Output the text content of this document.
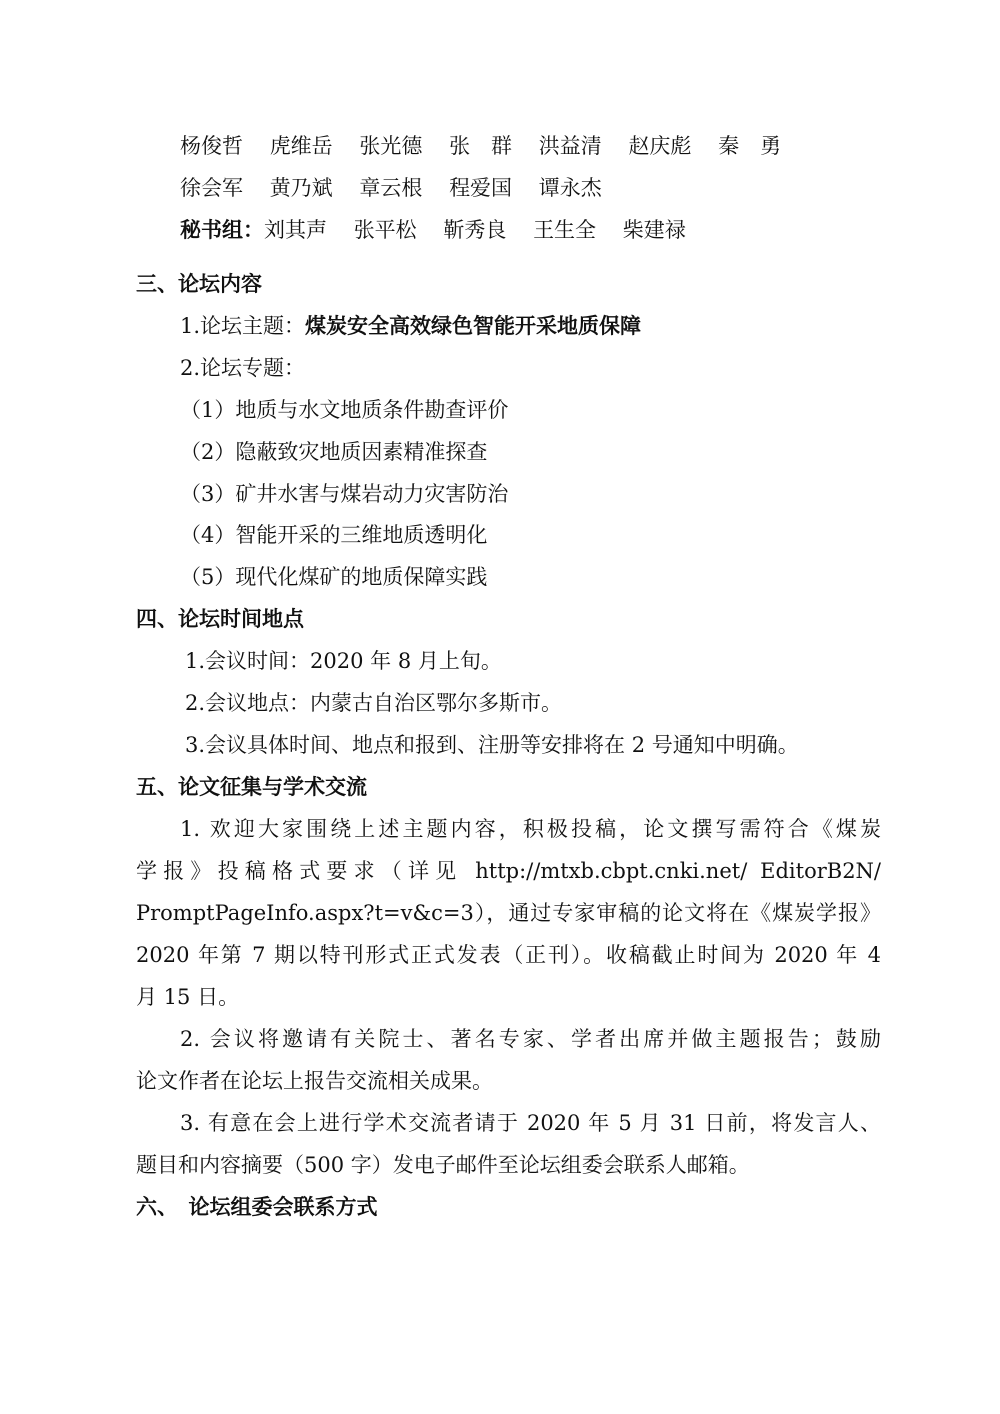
杨俊哲 虎维岳 张光德 张　群 洪益清 赵庆彪 秦　勇
徐会军 黄乃斌 章云根 程爱国 谭永杰
秘书组：刘其声 张平松 靳秀良 王生全 柴建禄
三、论坛内容
1.论坛主题：煤炭安全高效绿色智能开采地质保障
2.论坛专题：
（1）地质与水文地质条件勘查评价
（2）隐蔽致灾地质因素精准探查
（3）矿井水害与煤岩动力灾害防治
（4）智能开采的三维地质透明化
（5）现代化煤矿的地质保障实践
四、论坛时间地点
1.会议时间：2020 年 8 月上旬。
2.会议地点：内蒙古自治区鄂尔多斯市。
3.会议具体时间、地点和报到、注册等安排将在 2 号通知中明确。
五、论文征集与学术交流
1. 欢迎大家围绕上述主题内容，积极投稿，论文撰写需符合《煤炭
学报》投稿格式要求（详见 http://mtxb.cbpt.cnki.net/ EditorB2N/
PromptPageInfo.aspx?t=v&c=3），通过专家审稿的论文将在《煤炭学报》
2020 年第 7 期以特刊形式正式发表（正刊）。收稿截止时间为 2020 年 4
月 15 日。
2. 会议将邀请有关院士、著名专家、学者出席并做主题报告；鼓励
论文作者在论坛上报告交流相关成果。
3. 有意在会上进行学术交流者请于 2020 年 5 月 31 日前，将发言人、
题目和内容摘要（500 字）发电子邮件至论坛组委会联系人邮箱。
六、　论坛组委会联系方式
